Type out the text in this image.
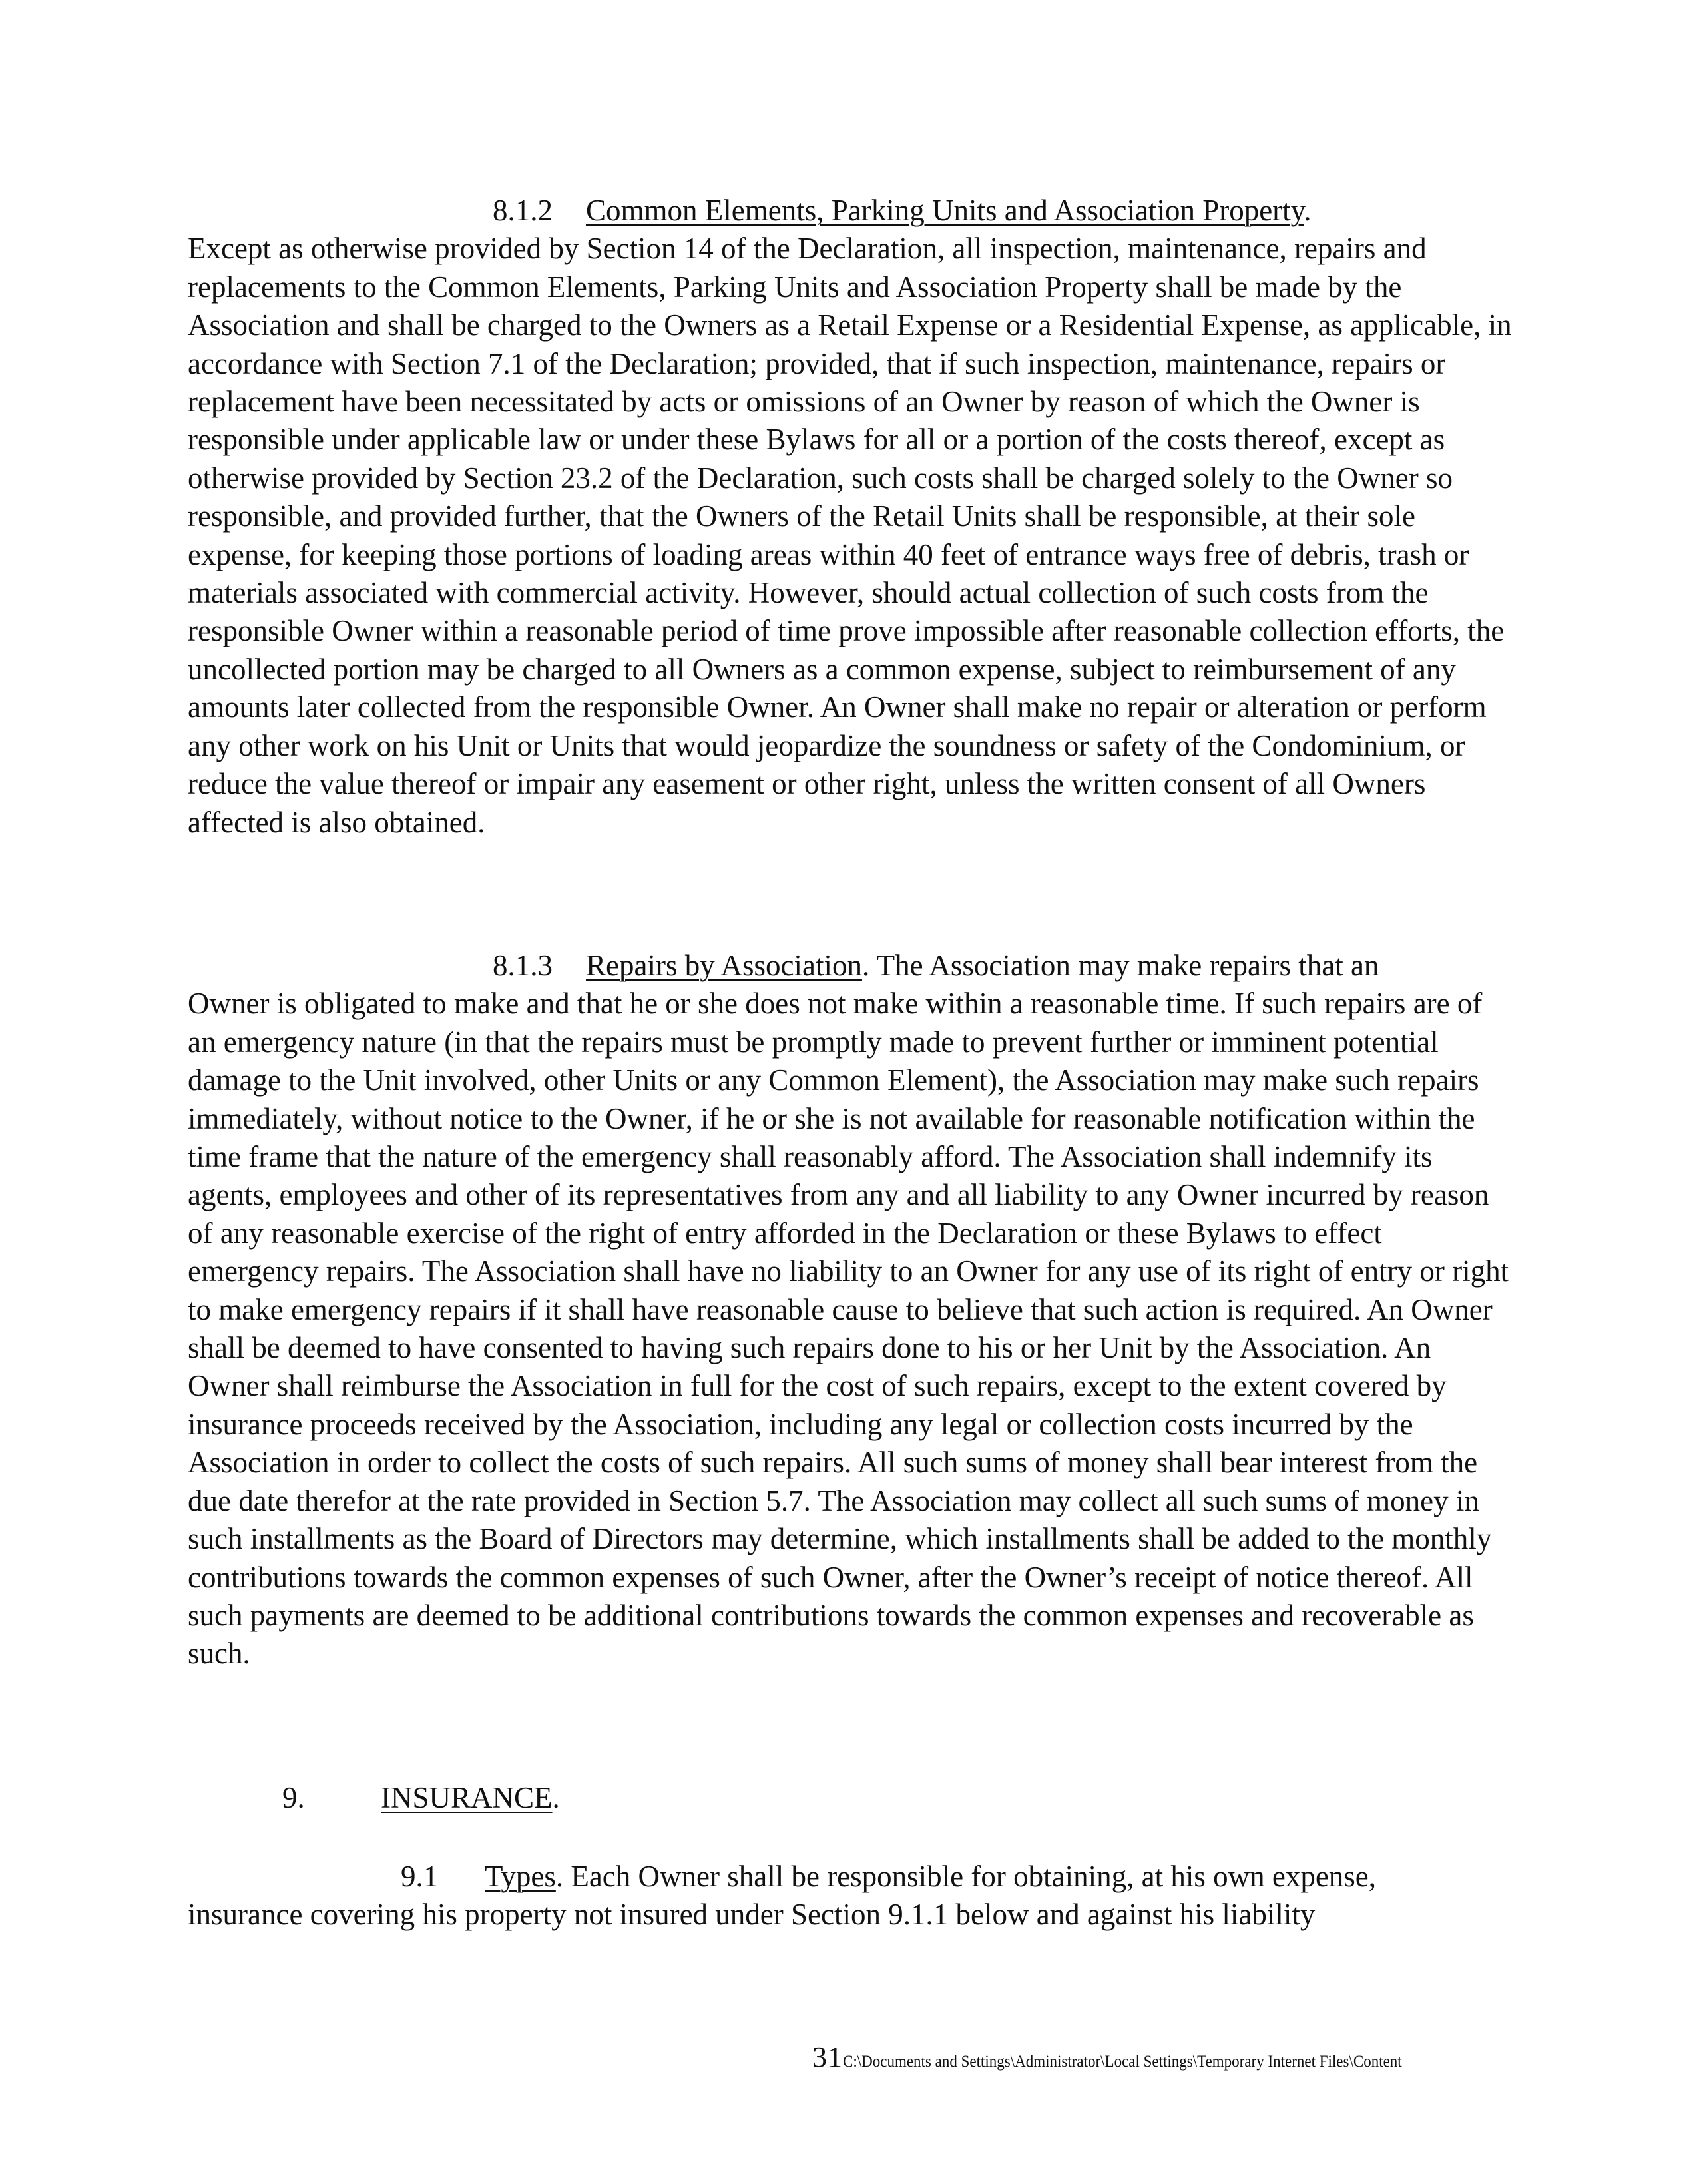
8.1.2 Common Elements, Parking Units and Association Property.
Except as otherwise provided by Section 14 of the Declaration, all inspection, maintenance, repairs and replacements to the Common Elements, Parking Units and Association Property shall be made by the Association and shall be charged to the Owners as a Retail Expense or a Residential Expense, as applicable, in accordance with Section 7.1 of the Declaration; provided, that if such inspection, maintenance, repairs or replacement have been necessitated by acts or omissions of an Owner by reason of which the Owner is responsible under applicable law or under these Bylaws for all or a portion of the costs thereof, except as otherwise provided by Section 23.2 of the Declaration, such costs shall be charged solely to the Owner so responsible, and provided further, that the Owners of the Retail Units shall be responsible, at their sole expense, for keeping those portions of loading areas within 40 feet of entrance ways free of debris, trash or materials associated with commercial activity. However, should actual collection of such costs from the responsible Owner within a reasonable period of time prove impossible after reasonable collection efforts, the uncollected portion may be charged to all Owners as a common expense, subject to reimbursement of any amounts later collected from the responsible Owner. An Owner shall make no repair or alteration or perform any other work on his Unit or Units that would jeopardize the soundness or safety of the Condominium, or reduce the value thereof or impair any easement or other right, unless the written consent of all Owners affected is also obtained.
8.1.3 Repairs by Association. The Association may make repairs that an
Owner is obligated to make and that he or she does not make within a reasonable time. If such repairs are of an emergency nature (in that the repairs must be promptly made to prevent further or imminent potential damage to the Unit involved, other Units or any Common Element), the Association may make such repairs immediately, without notice to the Owner, if he or she is not available for reasonable notification within the time frame that the nature of the emergency shall reasonably afford. The Association shall indemnify its agents, employees and other of its representatives from any and all liability to any Owner incurred by reason of any reasonable exercise of the right of entry afforded in the Declaration or these Bylaws to effect emergency repairs. The Association shall have no liability to an Owner for any use of its right of entry or right to make emergency repairs if it shall have reasonable cause to believe that such action is required. An Owner shall be deemed to have consented to having such repairs done to his or her Unit by the Association. An Owner shall reimburse the Association in full for the cost of such repairs, except to the extent covered by insurance proceeds received by the Association, including any legal or collection costs incurred by the Association in order to collect the costs of such repairs. All such sums of money shall bear interest from the due date therefor at the rate provided in Section 5.7. The Association may collect all such sums of money in such installments as the Board of Directors may determine, which installments shall be added to the monthly contributions towards the common expenses of such Owner, after the Owner’s receipt of notice thereof. All such payments are deemed to be additional contributions towards the common expenses and recoverable as such.
9.	INSURANCE.
9.1 Types. Each Owner shall be responsible for obtaining, at his own expense,
insurance covering his property not insured under Section 9.1.1 below and against his liability
31C:\Documents and Settings\Administrator\Local Settings\Temporary Internet Files\Content
